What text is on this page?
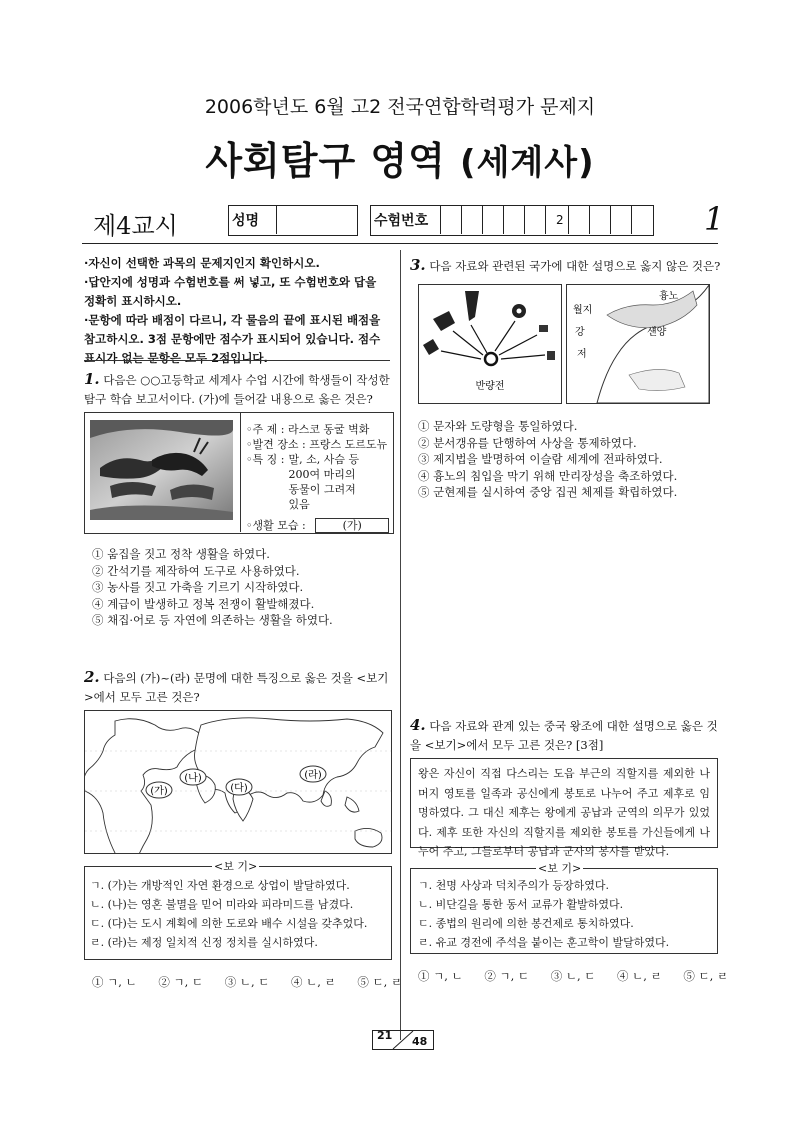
2006학년도 6월 고2 전국연합학력평가 문제지
사회탐구 영역 (세계사)
제4교시	성명	수험번호	2	1

·자신이 선택한 과목의 문제지인지 확인하시오.

·답안지에 성명과 수험번호를 써 넣고, 또 수험번호와 답을 정확히 표시하시오.

·문항에 따라 배점이 다르니, 각 물음의 끝에 표시된 배점을 참고하시오. 3점 문항에만 점수가 표시되어 있습니다. 점수 표시가 없는 문항은 모두 2점입니다.

1. 다음은 ○○고등학교 세계사 수업 시간에 학생들이 작성한 탐구 학습 보고서이다. (가)에 들어갈 내용으로 옳은 것은?
◦주 제 : 라스코 동굴 벽화
◦발견 장소 : 프랑스 도르도뉴
◦특 징 : 말, 소, 사슴 등 200여 마리의 동물이 그려져 있음
◦생활 모습 :	(가)
① 움집을 짓고 정착 생활을 하였다.
② 간석기를 제작하여 도구로 사용하였다.
③ 농사를 짓고 가축을 기르기 시작하였다.
④ 계급이 발생하고 정복 전쟁이 활발해졌다.
⑤ 채집·어로 등 자연에 의존하는 생활을 하였다.
2. 다음의 (가)~(라) 문명에 대한 특징으로 옳은 것을 <보기>에서 모두 고른 것은?
(가)
(나)
(다)
(라)
<보 기>
ㄱ. (가)는 개방적인 자연 환경으로 상업이 발달하였다.
ㄴ. (나)는 영혼 불멸을 믿어 미라와 피라미드를 남겼다.
ㄷ. (다)는 도시 계획에 의한 도로와 배수 시설을 갖추었다.
ㄹ. (라)는 제정 일치적 신정 정치를 실시하였다.
① ㄱ, ㄴ ② ㄱ, ㄷ ③ ㄴ, ㄷ ④ ㄴ, ㄹ ⑤ ㄷ, ㄹ
3. 다음 자료와 관련된 국가에 대한 설명으로 옳지 않은 것은?
반량전
흉노
월지
강
저
섄양
① 문자와 도량형을 통일하였다.
② 분서갱유를 단행하여 사상을 통제하였다.
③ 제지법을 발명하여 이슬람 세계에 전파하였다.
④ 흉노의 침입을 막기 위해 만리장성을 축조하였다.
⑤ 군현제를 실시하여 중앙 집권 체제를 확립하였다.
4. 다음 자료와 관계 있는 중국 왕조에 대한 설명으로 옳은 것을 <보기>에서 모두 고른 것은? [3점]
왕은 자신이 직접 다스리는 도읍 부근의 직할지를 제외한 나머지 영토를 일족과 공신에게 봉토로 나누어 주고 제후로 임명하였다. 그 대신 제후는 왕에게 공납과 군역의 의무가 있었다. 제후 또한 자신의 직할지를 제외한 봉토를 가신들에게 나누어 주고, 그들로부터 공납과 군사의 봉사를 받았다.
<보 기>
ㄱ. 천명 사상과 덕치주의가 등장하였다.
ㄴ. 비단길을 통한 동서 교류가 활발하였다.
ㄷ. 종법의 원리에 의한 봉건제로 통치하였다.
ㄹ. 유교 경전에 주석을 붙이는 훈고학이 발달하였다.
① ㄱ, ㄴ ② ㄱ, ㄷ ③ ㄴ, ㄷ ④ ㄴ, ㄹ ⑤ ㄷ, ㄹ
21 48
